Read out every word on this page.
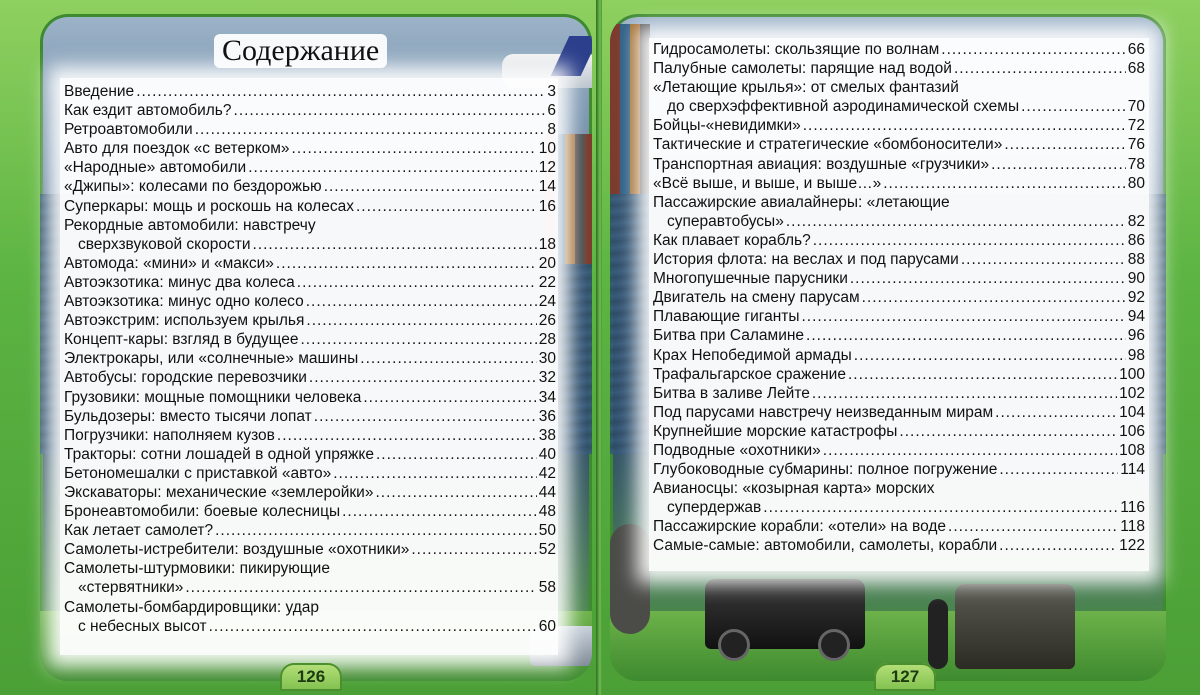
Содержание
Введение .....	3
Как ездит автомобиль? .....	6
Ретроавтомобили .....	8
Авто для поездок «с ветерком» .....	10
«Народные» автомобили .....	12
«Джипы»: колесами по бездорожью .....	14
Суперкары: мощь и роскошь на колесах .....	16
Рекордные автомобили: навстречу
сверхзвуковой скорости .....	18
Автомода: «мини» и «макси» .....	20
Автоэкзотика: минус два колеса .....	22
Автоэкзотика: минус одно колесо .....	24
Автоэкстрим: используем крылья .....	26
Концепт-кары: взгляд в будущее .....	28
Электрокары, или «солнечные» машины .....	30
Автобусы: городские перевозчики .....	32
Грузовики: мощные помощники человека .....	34
Бульдозеры: вместо тысячи лопат .....	36
Погрузчики: наполняем кузов .....	38
Тракторы: сотни лошадей в одной упряжке .....	40
Бетономешалки с приставкой «авто» .....	42
Экскаваторы: механические «землеройки» .....	44
Бронеавтомобили: боевые колесницы .....	48
Как летает самолет? .....	50
Самолеты-истребители: воздушные «охотники» .....	52
Самолеты-штурмовики: пикирующие
«стервятники» .....	58
Самолеты-бомбардировщики: удар
с небесных высот .....	60
126
Гидросамолеты: скользящие по волнам .....	66
Палубные самолеты: парящие над водой .....	68
«Летающие крылья»: от смелых фантазий
до сверхэффективной аэродинамической схемы .....	70
Бойцы-«невидимки» .....	72
Тактические и стратегические «бомбоносители» .....	76
Транспортная авиация: воздушные «грузчики» .....	78
«Всё выше, и выше, и выше…» .....	80
Пассажирские авиалайнеры: «летающие
суперавтобусы» .....	82
Как плавает корабль? .....	86
История флота: на веслах и под парусами .....	88
Многопушечные парусники .....	90
Двигатель на смену парусам .....	92
Плавающие гиганты .....	94
Битва при Саламине .....	96
Крах Непобедимой армады .....	98
Трафальгарское сражение .....	100
Битва в заливе Лейте .....	102
Под парусами навстречу неизведанным мирам .....	104
Крупнейшие морские катастрофы .....	106
Подводные «охотники» .....	108
Глубоководные субмарины: полное погружение .....	114
Авианосцы: «козырная карта» морских
супердержав .....	116
Пассажирские корабли: «отели» на воде .....	118
Самые-самые: автомобили, самолеты, корабли .....	122
127
